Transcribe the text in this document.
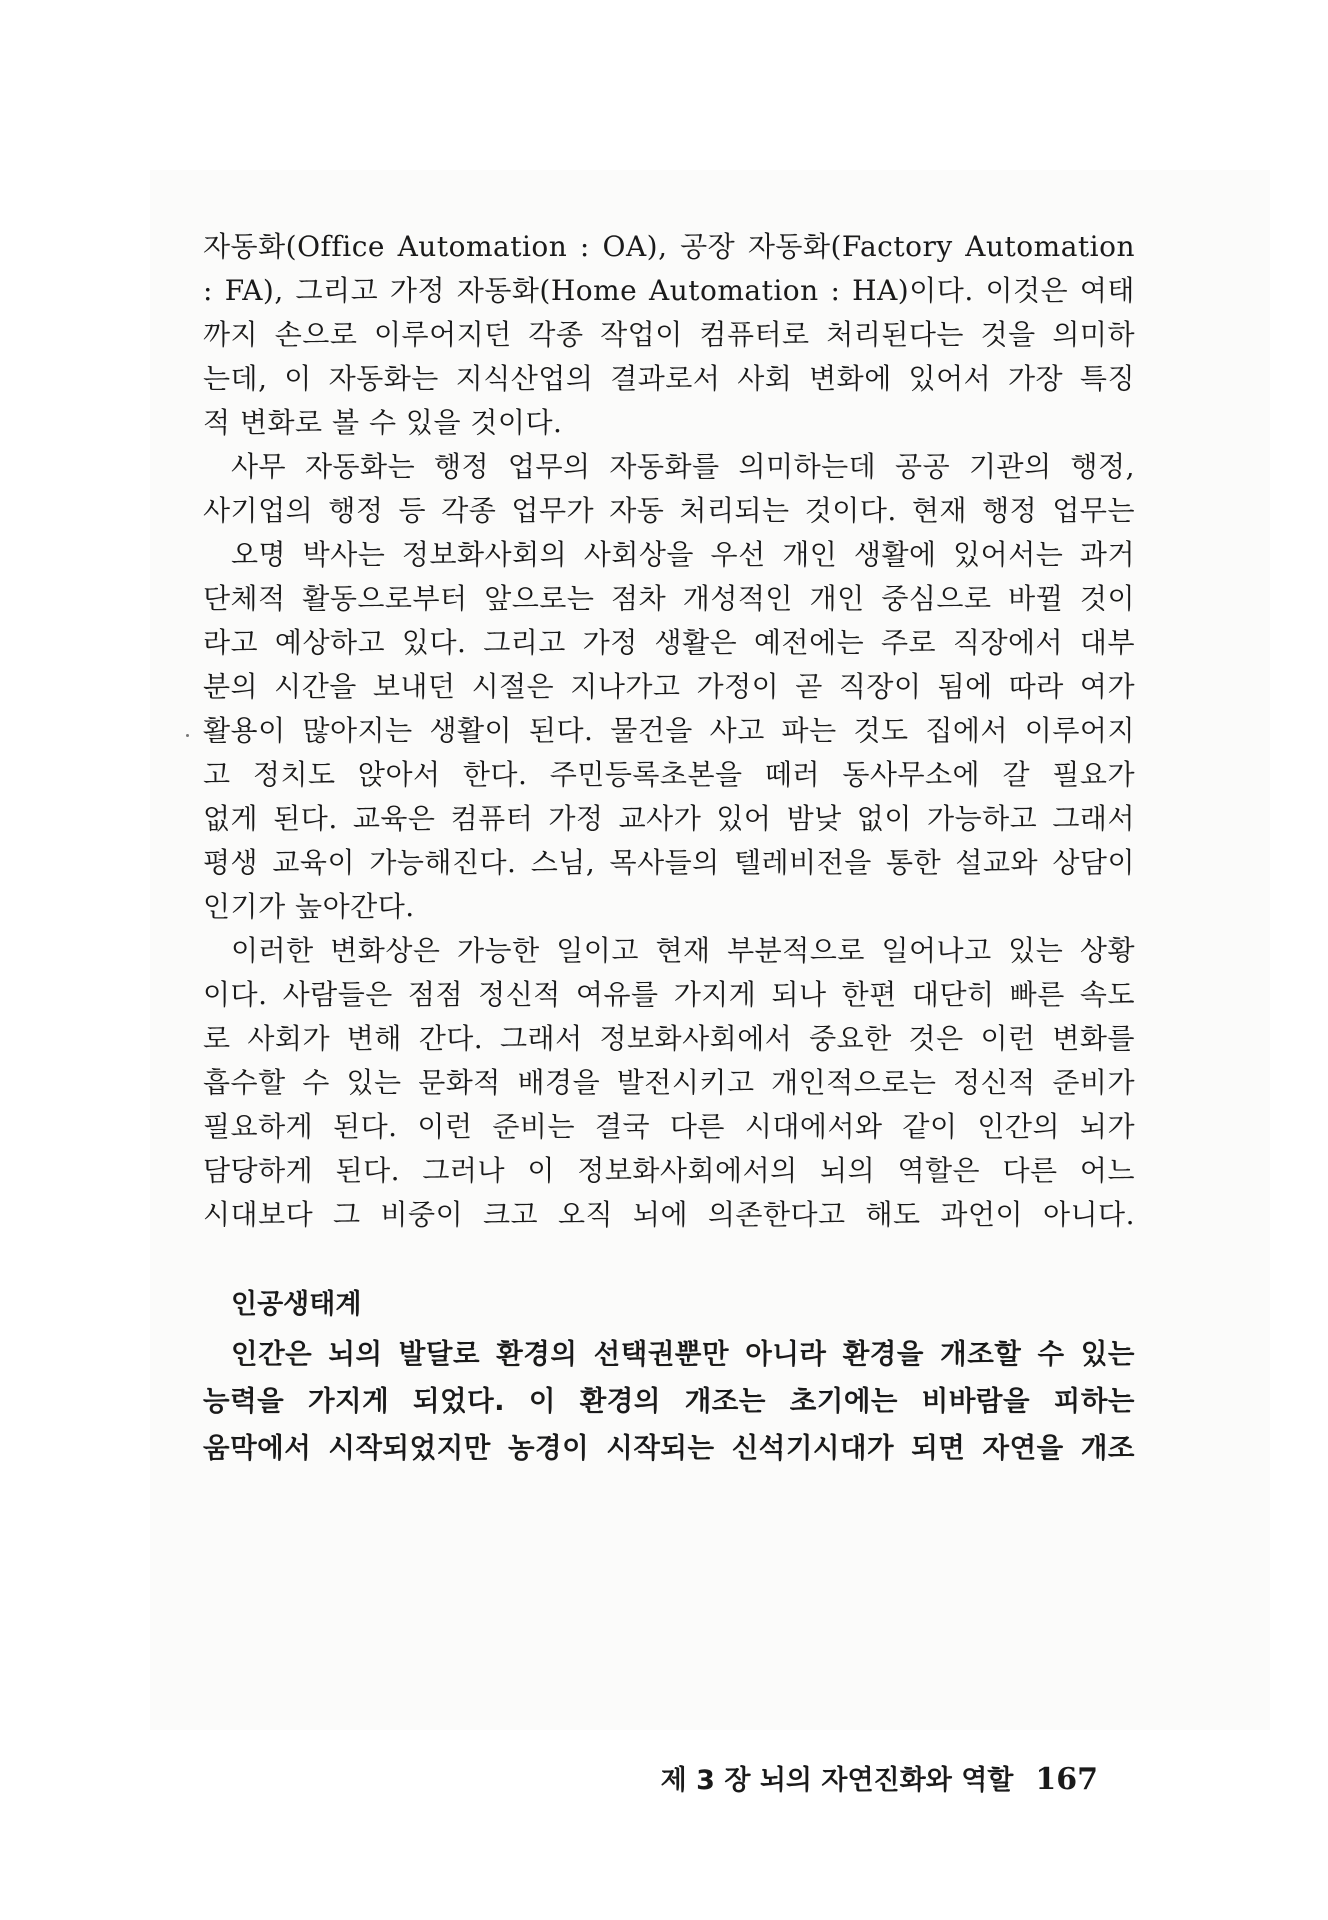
자동화(Office Automation : OA), 공장 자동화(Factory Automation
: FA), 그리고 가정 자동화(Home Automation : HA)이다. 이것은 여태
까지 손으로 이루어지던 각종 작업이 컴퓨터로 처리된다는 것을 의미하
는데, 이 자동화는 지식산업의 결과로서 사회 변화에 있어서 가장 특징
적 변화로 볼 수 있을 것이다.
사무 자동화는 행정 업무의 자동화를 의미하는데 공공 기관의 행정,
사기업의 행정 등 각종 업무가 자동 처리되는 것이다. 현재 행정 업무는
오명 박사는 정보화사회의 사회상을 우선 개인 생활에 있어서는 과거
단체적 활동으로부터 앞으로는 점차 개성적인 개인 중심으로 바뀔 것이
라고 예상하고 있다. 그리고 가정 생활은 예전에는 주로 직장에서 대부
분의 시간을 보내던 시절은 지나가고 가정이 곧 직장이 됨에 따라 여가
활용이 많아지는 생활이 된다. 물건을 사고 파는 것도 집에서 이루어지
고 정치도 앉아서 한다. 주민등록초본을 떼러 동사무소에 갈 필요가
없게 된다. 교육은 컴퓨터 가정 교사가 있어 밤낮 없이 가능하고 그래서
평생 교육이 가능해진다. 스님, 목사들의 텔레비전을 통한 설교와 상담이
인기가 높아간다.
이러한 변화상은 가능한 일이고 현재 부분적으로 일어나고 있는 상황
이다. 사람들은 점점 정신적 여유를 가지게 되나 한편 대단히 빠른 속도
로 사회가 변해 간다. 그래서 정보화사회에서 중요한 것은 이런 변화를
흡수할 수 있는 문화적 배경을 발전시키고 개인적으로는 정신적 준비가
필요하게 된다. 이런 준비는 결국 다른 시대에서와 같이 인간의 뇌가
담당하게 된다. 그러나 이 정보화사회에서의 뇌의 역할은 다른 어느
시대보다 그 비중이 크고 오직 뇌에 의존한다고 해도 과언이 아니다.
인공생태계
인간은 뇌의 발달로 환경의 선택권뿐만 아니라 환경을 개조할 수 있는
능력을 가지게 되었다. 이 환경의 개조는 초기에는 비바람을 피하는
움막에서 시작되었지만 농경이 시작되는 신석기시대가 되면 자연을 개조
제 3 장 뇌의 자연진화와 역할 167
